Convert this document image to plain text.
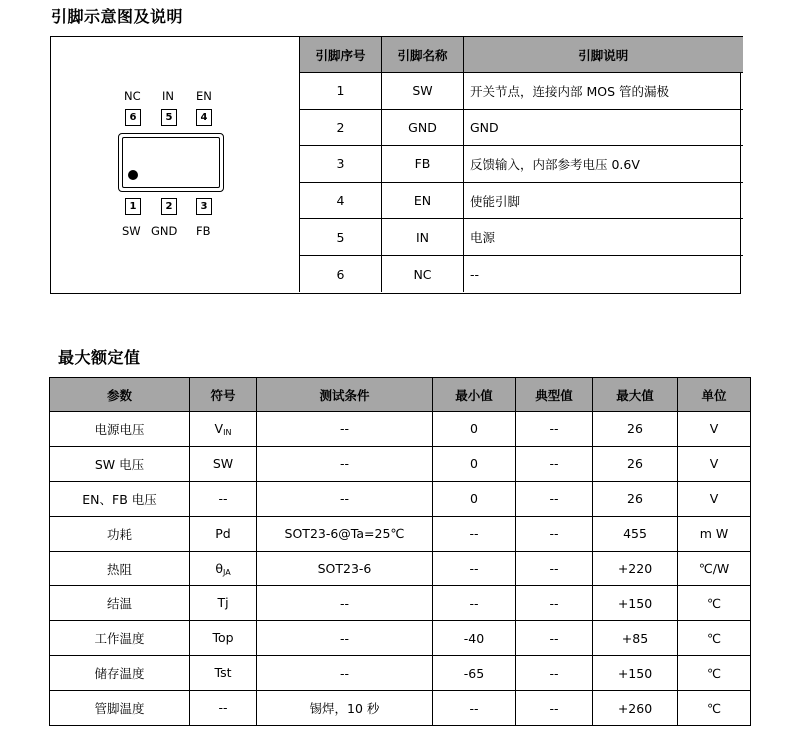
引脚示意图及说明
NC IN EN
6	5	4
1	2	3
SW GND FB
引脚序号	引脚名称	引脚说明
1	SW	开关节点，连接内部 MOS 管的漏极
2	GND	GND
3	FB	反馈输入，内部参考电压 0.6V
4	EN	使能引脚
5	IN	电源
6	NC	--
最大额定值
参数	符号	测试条件	最小值	典型值	最大值	单位
电源电压	$V_{IN}$	--	0	--	26	V
SW 电压	SW	--	0	--	26	V
EN、FB 电压	--	--	0	--	26	V
功耗	Pd	SOT23-6@Ta=25℃	--	--	455	m W
热阻	$\theta_{JA}$	SOT23-6	--	--	+220	℃/W
结温	Tj	--	--	--	+150	℃
工作温度	Top	--	-40	--	+85	℃
储存温度	Tst	--	-65	--	+150	℃
管脚温度	--	锡焊，10 秒	--	--	+260	℃
